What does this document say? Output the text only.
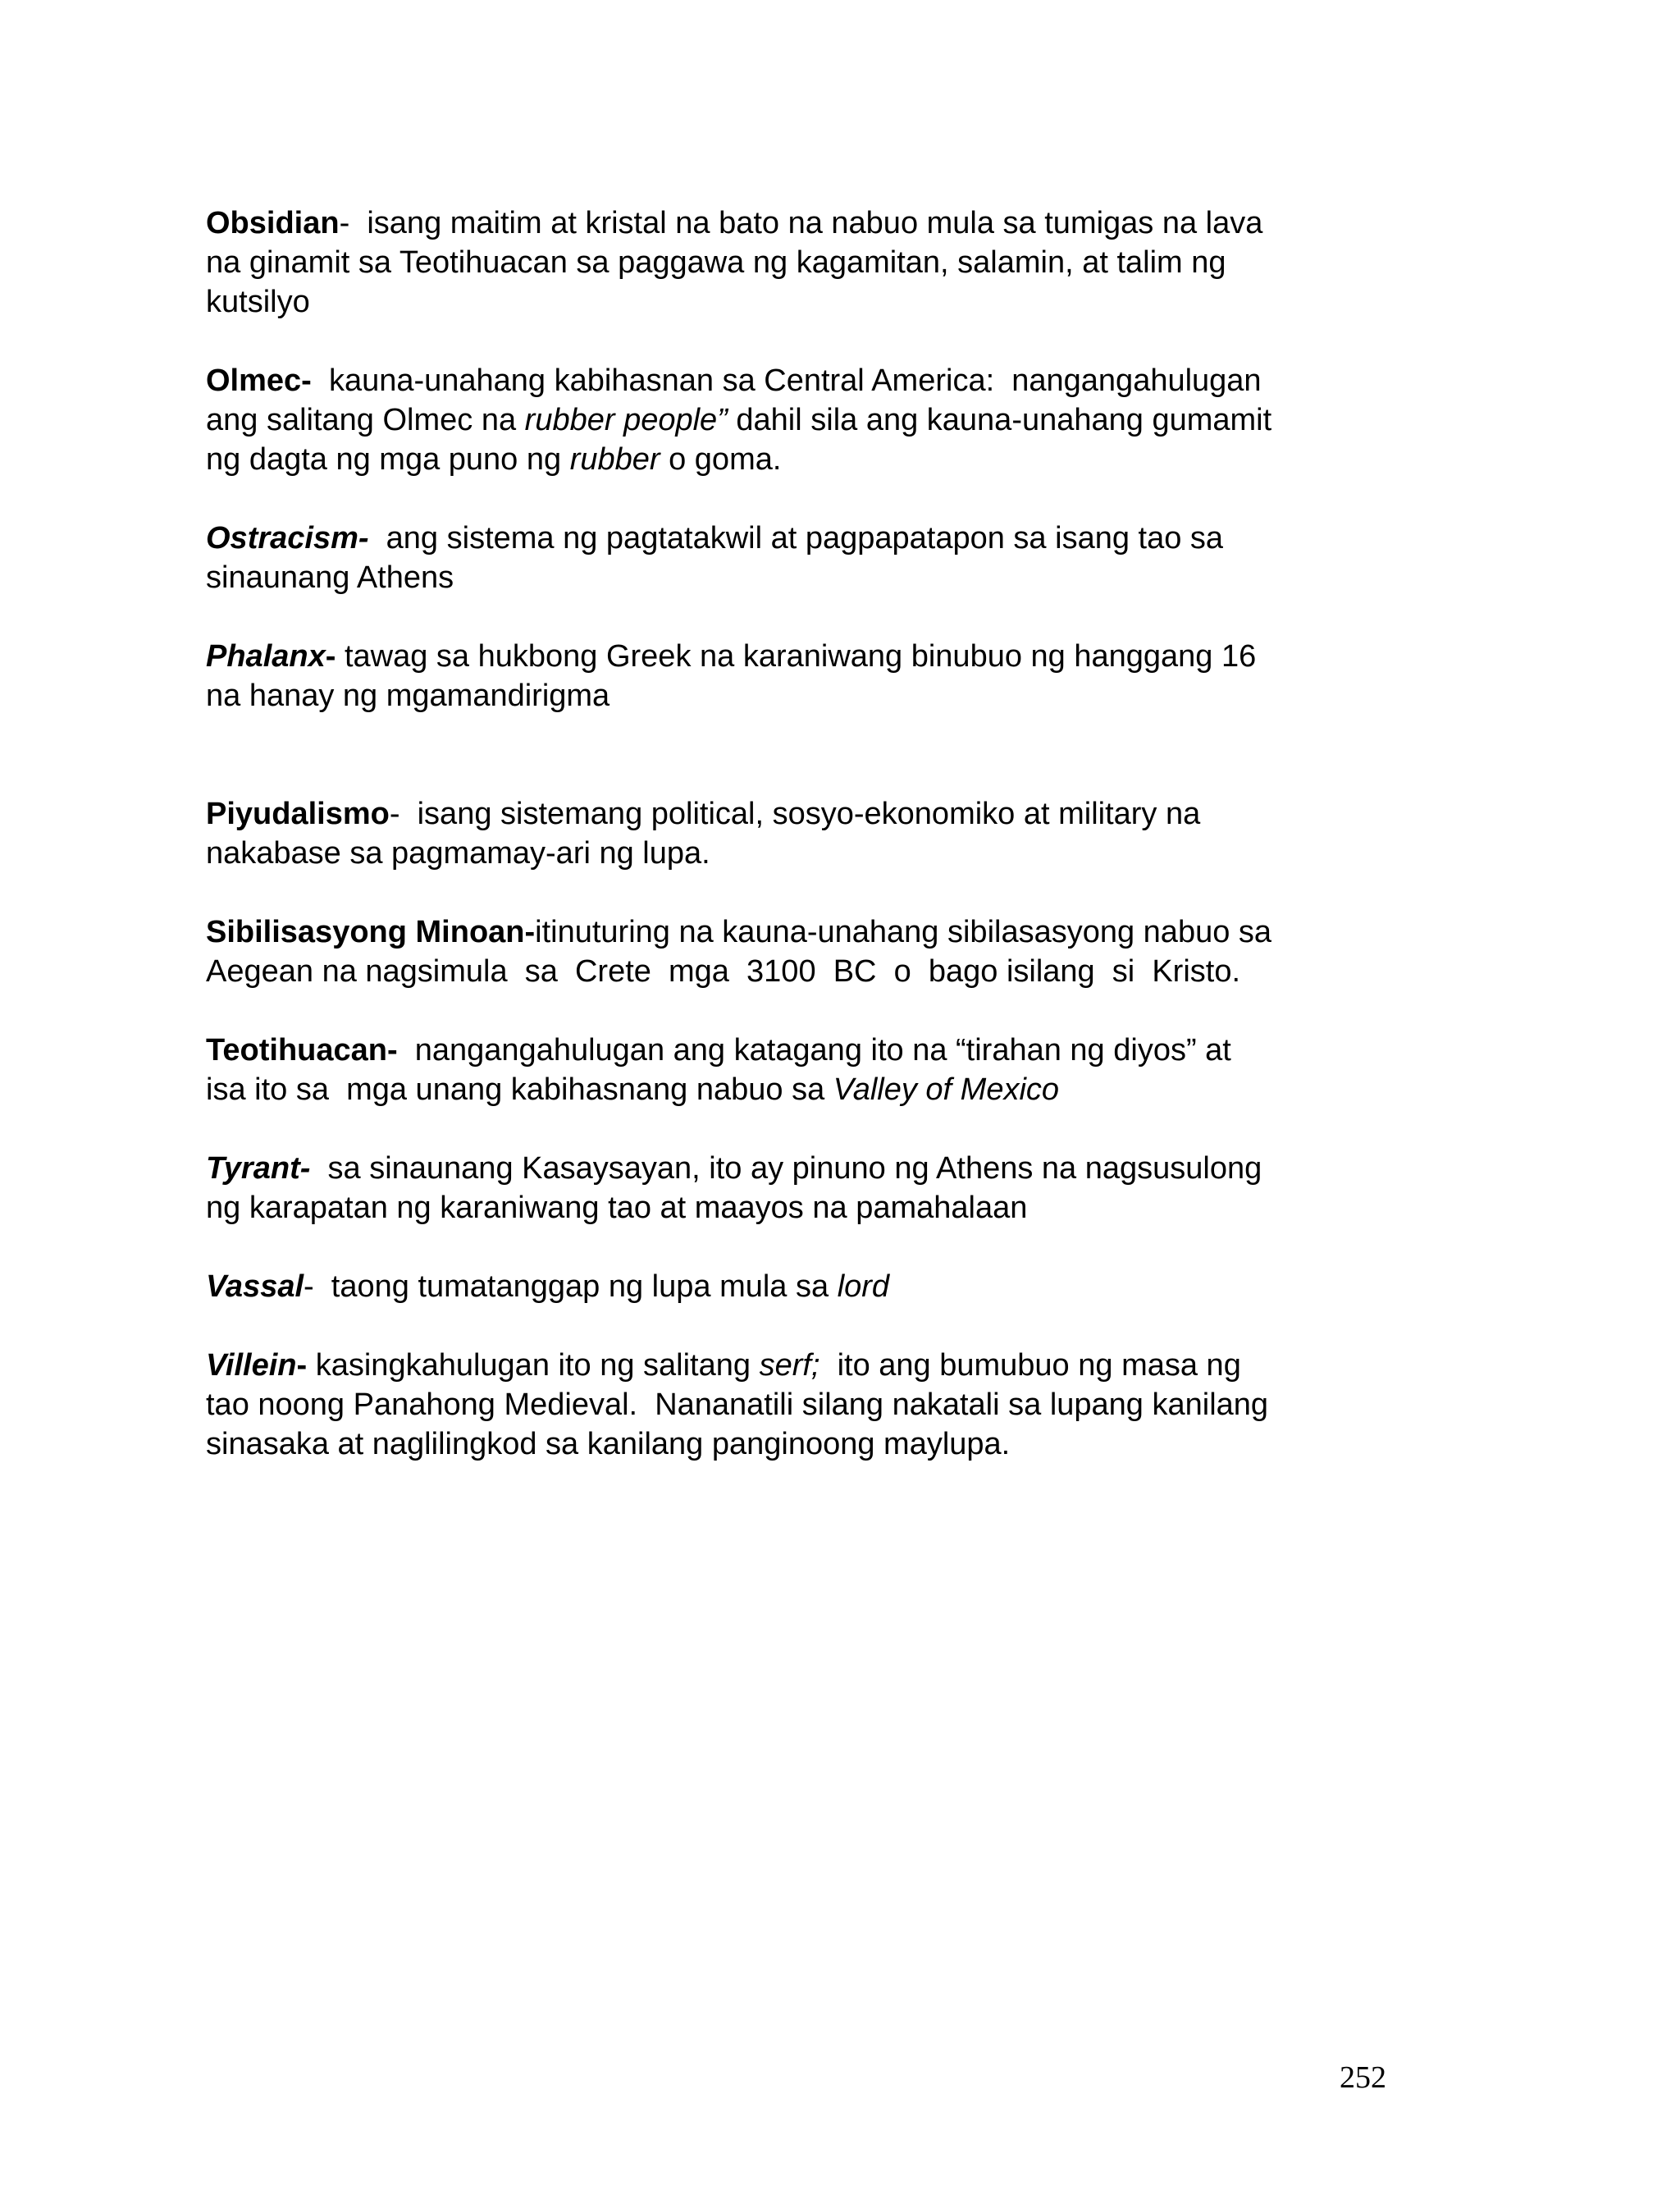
Obsidian-  isang maitim at kristal na bato na nabuo mula sa tumigas na lava

na ginamit sa Teotihuacan sa paggawa ng kagamitan, salamin, at talim ng

kutsilyo

Olmec-  kauna-unahang kabihasnan sa Central America:  nangangahulugan

ang salitang Olmec na rubber people” dahil sila ang kauna-unahang gumamit

ng dagta ng mga puno ng rubber o goma.

Ostracism-  ang sistema ng pagtatakwil at pagpapatapon sa isang tao sa

sinaunang Athens

Phalanx- tawag sa hukbong Greek na karaniwang binubuo ng hanggang 16

na hanay ng mgamandirigma

Piyudalismo-  isang sistemang political, sosyo-ekonomiko at military na

nakabase sa pagmamay-ari ng lupa.

Sibilisasyong Minoan-itinuturing na kauna-unahang sibilasasyong nabuo sa

Aegean na nagsimula  sa  Crete  mga  3100  BC  o  bago isilang  si  Kristo.

Teotihuacan-  nangangahulugan ang katagang ito na “tirahan ng diyos” at

isa ito sa  mga unang kabihasnang nabuo sa Valley of Mexico

Tyrant-  sa sinaunang Kasaysayan, ito ay pinuno ng Athens na nagsusulong

ng karapatan ng karaniwang tao at maayos na pamahalaan

Vassal-  taong tumatanggap ng lupa mula sa lord

Villein- kasingkahulugan ito ng salitang serf;  ito ang bumubuo ng masa ng

tao noong Panahong Medieval.  Nananatili silang nakatali sa lupang kanilang

sinasaka at naglilingkod sa kanilang panginoong maylupa.

252
